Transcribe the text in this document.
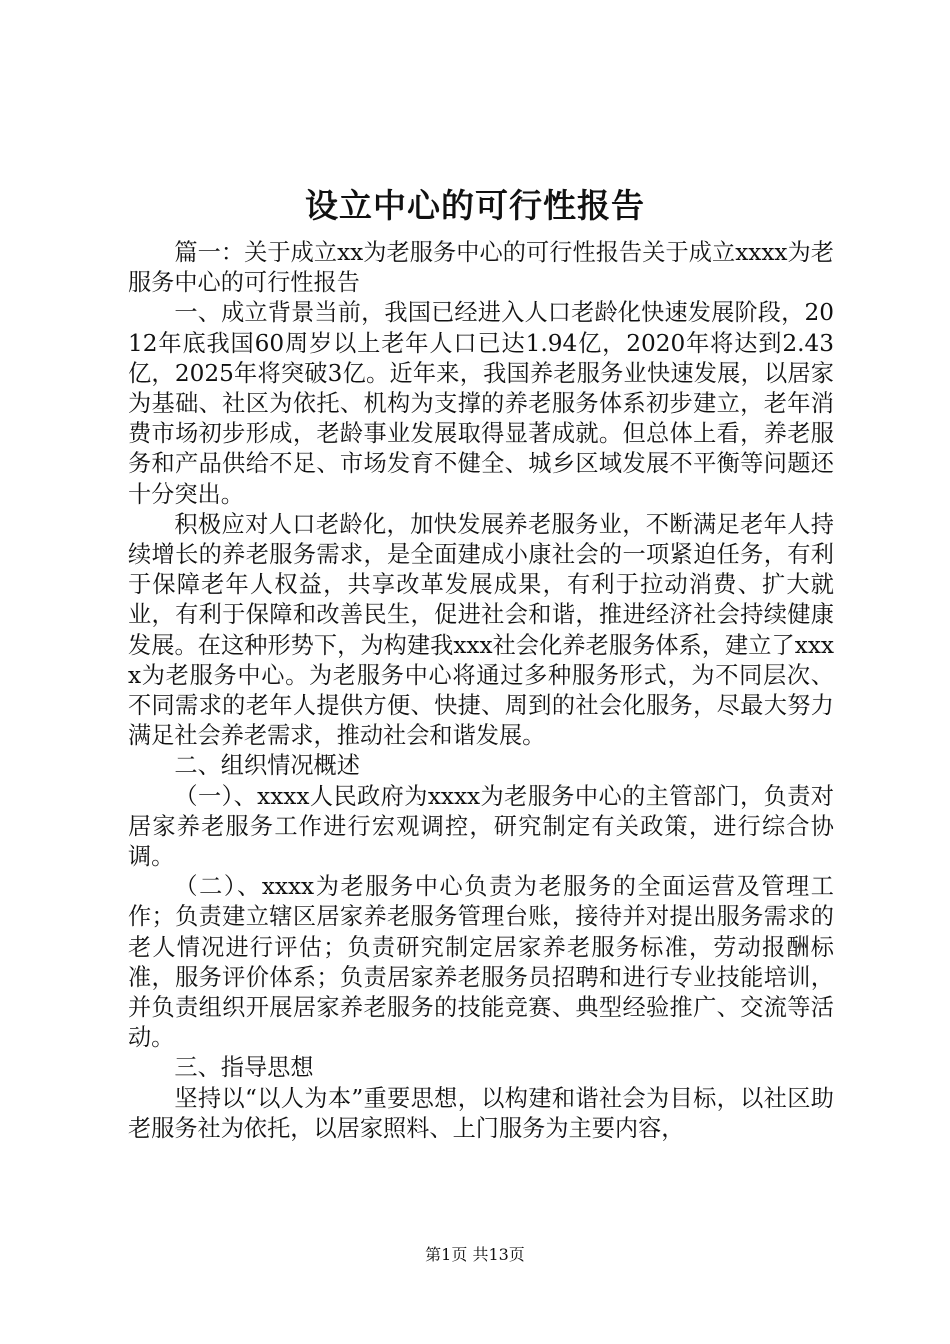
设立中心的可行性报告

篇一：关于成立xx为老服务中心的可行性报告关于成立xxxx为老服务中心的可行性报告

一、成立背景当前，我国已经进入人口老龄化快速发展阶段，2012年底我国60周岁以上老年人口已达1.94亿，2020年将达到2.43亿，2025年将突破3亿。近年来，我国养老服务业快速发展，以居家为基础、社区为依托、机构为支撑的养老服务体系初步建立，老年消费市场初步形成，老龄事业发展取得显著成就。但总体上看，养老服务和产品供给不足、市场发育不健全、城乡区域发展不平衡等问题还十分突出。

积极应对人口老龄化，加快发展养老服务业，不断满足老年人持续增长的养老服务需求，是全面建成小康社会的一项紧迫任务，有利于保障老年人权益，共享改革发展成果，有利于拉动消费、扩大就业，有利于保障和改善民生，促进社会和谐，推进经济社会持续健康发展。在这种形势下，为构建我xxx社会化养老服务体系，建立了xxxx为老服务中心。为老服务中心将通过多种服务形式，为不同层次、不同需求的老年人提供方便、快捷、周到的社会化服务，尽最大努力满足社会养老需求，推动社会和谐发展。

二、组织情况概述

（一）、xxxx人民政府为xxxx为老服务中心的主管部门，负责对居家养老服务工作进行宏观调控，研究制定有关政策，进行综合协调。

（二）、xxxx为老服务中心负责为老服务的全面运营及管理工作；负责建立辖区居家养老服务管理台账，接待并对提出服务需求的老人情况进行评估；负责研究制定居家养老服务标准，劳动报酬标准，服务评价体系；负责居家养老服务员招聘和进行专业技能培训，并负责组织开展居家养老服务的技能竞赛、典型经验推广、交流等活动。

三、指导思想

坚持以“以人为本”重要思想，以构建和谐社会为目标，以社区助老服务社为依托，以居家照料、上门服务为主要内容，

第1页 共13页
